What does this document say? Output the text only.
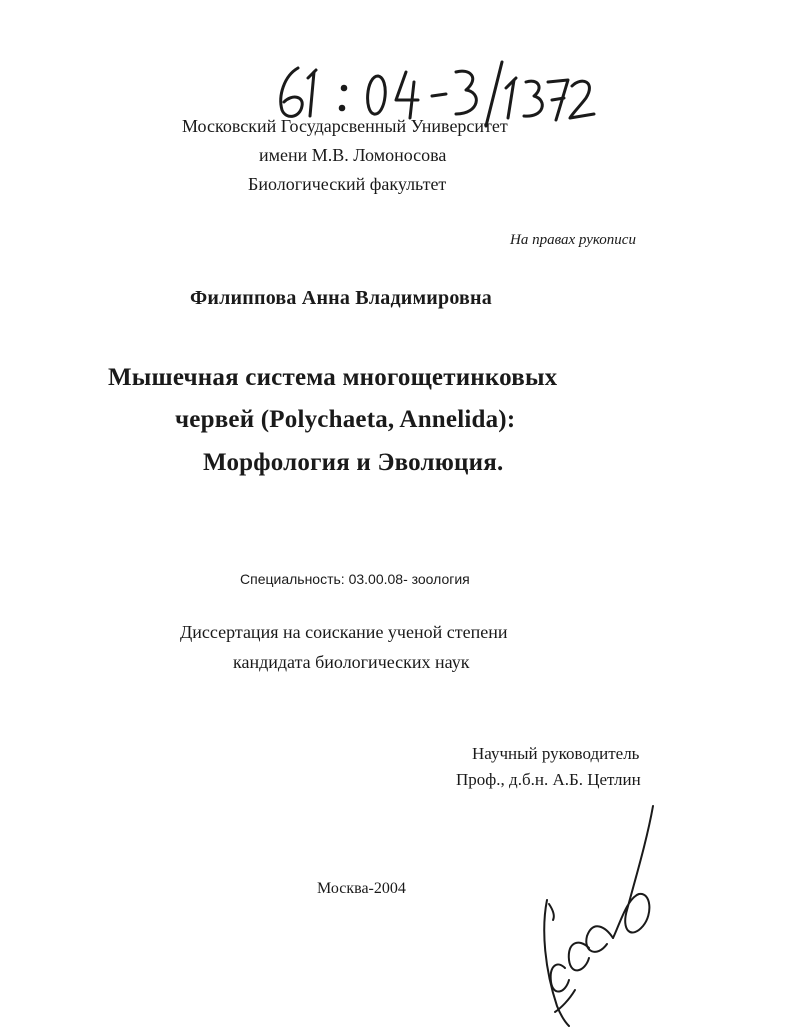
Московский Государсвенный Университет
имени М.В. Ломоносова
Биологический факультет
На правах рукописи
Филиппова Анна Владимировна
Мышечная система многощетинковых
червей (Polychaeta, Annelida):
Морфология и Эволюция.
Специальность: 03.00.08- зоология
Диссертация на соискание ученой степени
кандидата биологических наук
Научный руководитель
Проф., д.б.н. А.Б. Цетлин
Москва-2004
